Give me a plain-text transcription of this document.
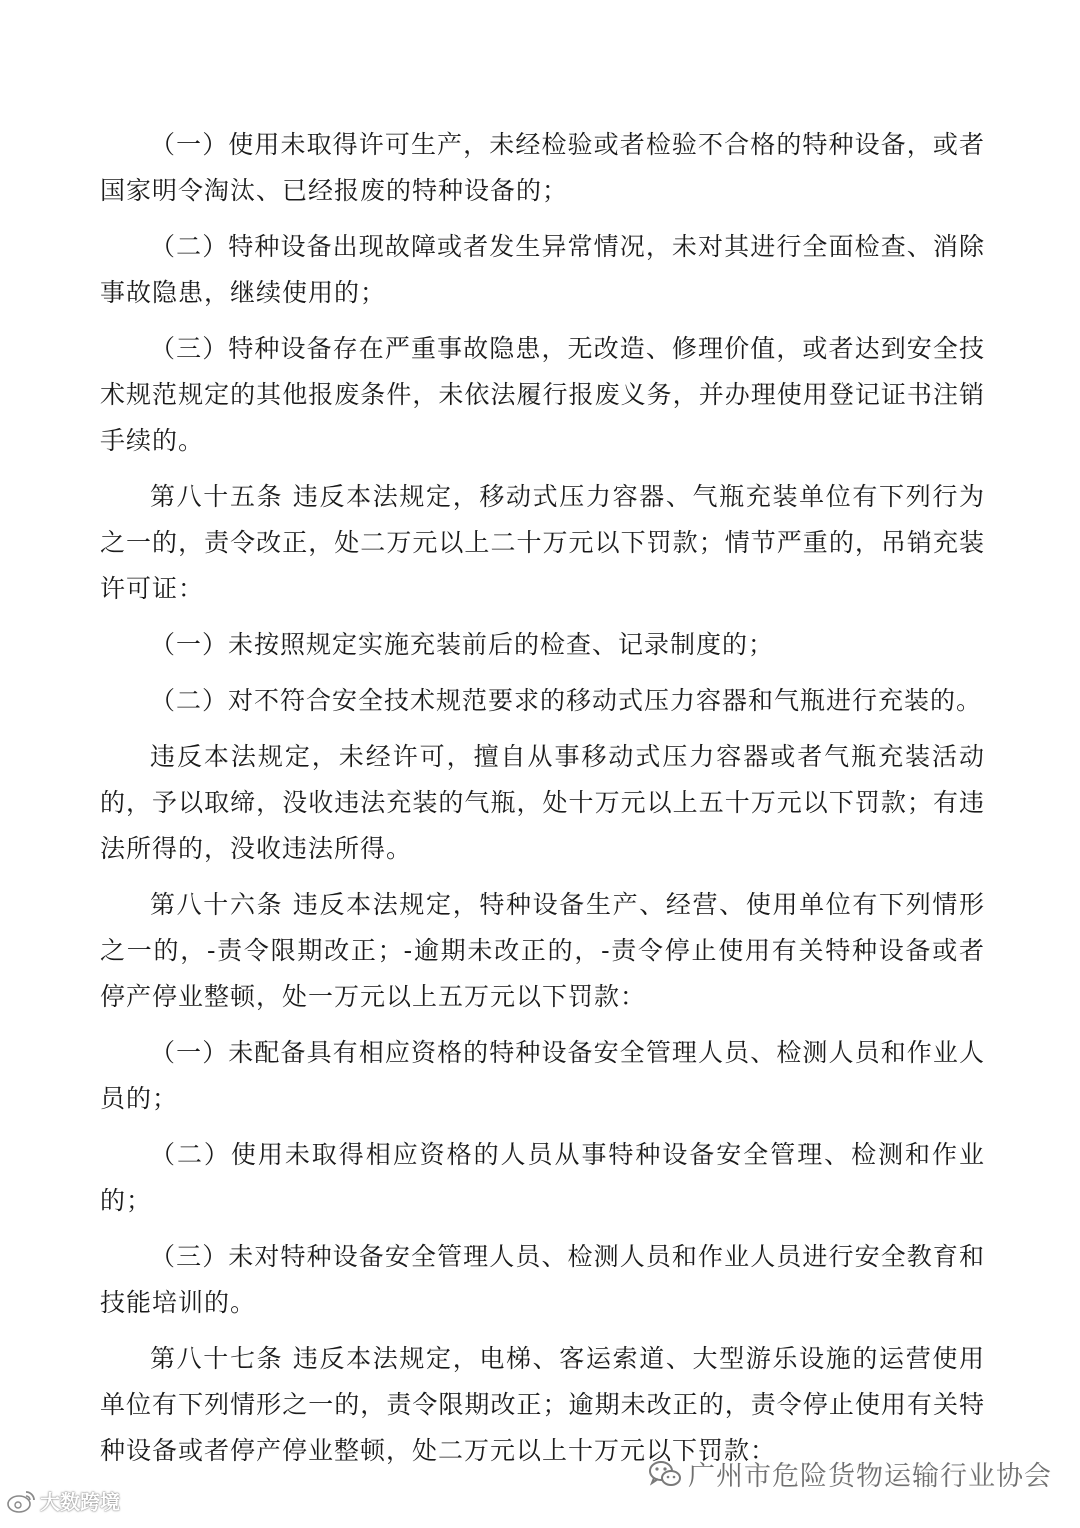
（一）使用未取得许可生产，未经检验或者检验不合格的特种设备，或者国家明令淘汰、已经报废的特种设备的；

（二）特种设备出现故障或者发生异常情况，未对其进行全面检查、消除事故隐患，继续使用的；

（三）特种设备存在严重事故隐患，无改造、修理价值，或者达到安全技术规范规定的其他报废条件，未依法履行报废义务，并办理使用登记证书注销手续的。

第八十五条 违反本法规定，移动式压力容器、气瓶充装单位有下列行为之一的，责令改正，处二万元以上二十万元以下罚款；情节严重的，吊销充装许可证：

（一）未按照规定实施充装前后的检查、记录制度的；

（二）对不符合安全技术规范要求的移动式压力容器和气瓶进行充装的。

违反本法规定，未经许可，擅自从事移动式压力容器或者气瓶充装活动的，予以取缔，没收违法充装的气瓶，处十万元以上五十万元以下罚款；有违法所得的，没收违法所得。

第八十六条 违反本法规定，特种设备生产、经营、使用单位有下列情形之一的，-责令限期改正；-逾期未改正的，-责令停止使用有关特种设备或者停产停业整顿，处一万元以上五万元以下罚款：

（一）未配备具有相应资格的特种设备安全管理人员、检测人员和作业人员的；

（二）使用未取得相应资格的人员从事特种设备安全管理、检测和作业的；

（三）未对特种设备安全管理人员、检测人员和作业人员进行安全教育和技能培训的。

第八十七条 违反本法规定，电梯、客运索道、大型游乐设施的运营使用单位有下列情形之一的，责令限期改正；逾期未改正的，责令停止使用有关特种设备或者停产停业整顿，处二万元以上十万元以下罚款：

广州市危险货物运输行业协会
大数跨境
